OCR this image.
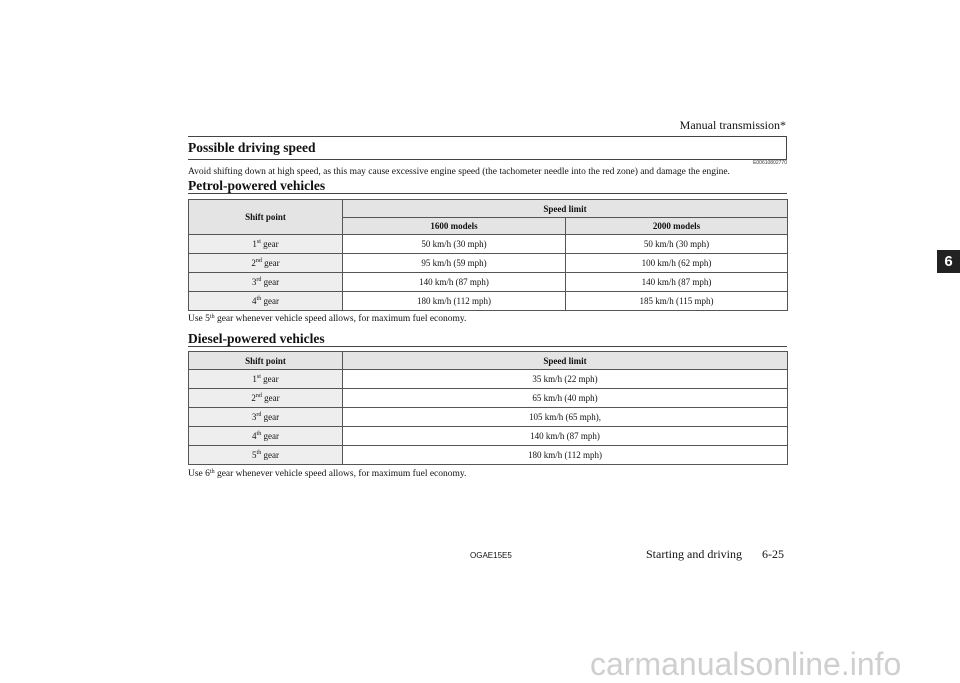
Manual transmission*
6
Possible driving speed
E00610802770
Avoid shifting down at high speed, as this may cause excessive engine speed (the tachometer needle into the red zone) and damage the engine.
Petrol-powered vehicles
Shift point	Speed limit	
	1600 models	2000 models
1st gear	50 km/h (30 mph)	50 km/h (30 mph)
2nd gear	95 km/h (59 mph)	100 km/h (62 mph)
3rd gear	140 km/h (87 mph)	140 km/h (87 mph)
4th gear	180 km/h (112 mph)	185 km/h (115 mph)
Use 5th gear whenever vehicle speed allows, for maximum fuel economy.
Diesel-powered vehicles
Shift point	Speed limit
1st gear	35 km/h (22 mph)
2nd gear	65 km/h (40 mph)
3rd gear	105 km/h (65 mph),
4th gear	140 km/h (87 mph)
5th gear	180 km/h (112 mph)
Use 6th gear whenever vehicle speed allows, for maximum fuel economy.
OGAE15E5	Starting and driving 6-25
carmanualsonline.info
